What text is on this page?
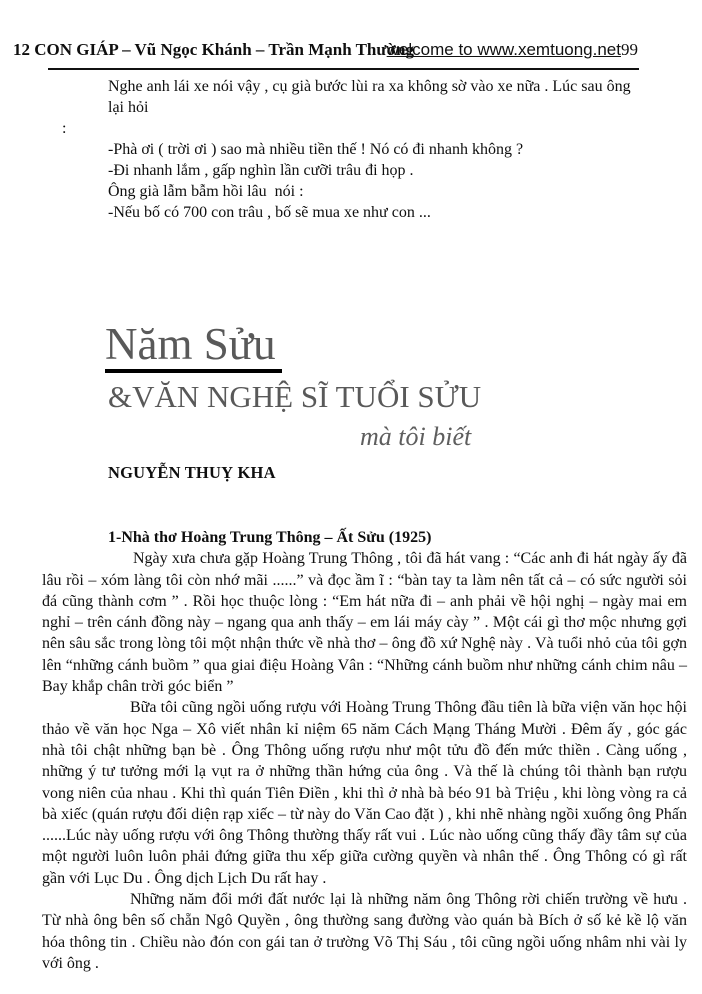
12 CON GIÁP – Vũ Ngọc Khánh – Trần Mạnh Thường
welcome to www.xemtuong.net99
Nghe anh lái xe nói vậy , cụ già bước lùi ra xa không sờ vào xe nữa . Lúc sau ông lại hỏi
:
-Phà ơi ( trời ơi ) sao mà nhiều tiền thế ! Nó có đi nhanh không ?
-Đi nhanh lắm , gấp nghìn lần cưỡi trâu đi họp .
Ông già lẫm bẫm hồi lâu  nói :
-Nếu bố có 700 con trâu , bố sẽ mua xe như con ...
Năm Sửu
&VĂN NGHỆ SĨ TUỔI SỬU
mà tôi biết
NGUYỄN THUỴ KHA
1-Nhà thơ Hoàng Trung Thông – Ất Sửu (1925)

Ngày xưa chưa gặp Hoàng Trung Thông , tôi đã hát vang : “Các anh đi hát ngày ấy đã lâu rồi – xóm làng tôi còn nhớ mãi ......” và đọc ầm ĩ : “bàn tay ta làm nên tất cả – có sức người sỏi đá cũng thành cơm ” . Rồi học thuộc lòng : “Em hát nữa đi – anh phải về hội nghị – ngày mai em nghỉ – trên cánh đồng này – ngang qua anh thấy – em lái máy cày ” . Một cái gì thơ mộc nhưng gợi nên sâu sắc trong lòng tôi một nhận thức về nhà thơ – ông đồ xứ Nghệ này . Và tuổi nhỏ của tôi gợn lên “những cánh buồm ” qua giai điệu Hoàng Vân : “Những cánh buồm như những cánh chim nâu – Bay khắp chân trời góc biển ”

Bữa tôi cũng ngồi uống rượu với Hoàng Trung Thông đầu tiên là bữa viện văn học hội thảo về văn học Nga – Xô viết nhân kỉ niệm 65 năm Cách Mạng Tháng Mười . Đêm ấy , góc gác nhà tôi chật những bạn bè . Ông Thông uống rượu như một tửu đồ đến mức thiền . Càng uống , những ý tư tưởng mới lạ vụt ra ở những thần hứng của ông . Và thế là chúng tôi thành bạn rượu vong niên của nhau . Khi thì quán Tiên Điền , khi thì ở nhà bà béo 91 bà Triệu , khi lòng vòng ra cả bà xiếc (quán rượu đối diện rạp xiếc – từ này do Văn Cao đặt ) , khi nhẽ nhàng ngồi xuống ông Phấn ......Lúc này uống rượu với ông Thông thường thấy rất vui . Lúc nào uống cũng thấy đầy tâm sự của một người luôn luôn phải đứng giữa thu xếp giữa cường quyền và nhân thế . Ông Thông có gì rất gần với Lục Du . Ông dịch Lịch Du rất hay .

Những năm đổi mới đất nước lại là những năm ông Thông rời chiến trường về hưu . Từ nhà ông bên số chẵn Ngô Quyền , ông thường sang đường vào quán bà Bích ở số kẻ kề lộ văn hóa thông tin . Chiều nào đón con gái tan ở trường Võ Thị Sáu , tôi cũng ngồi uống nhâm nhi vài ly với ông .
